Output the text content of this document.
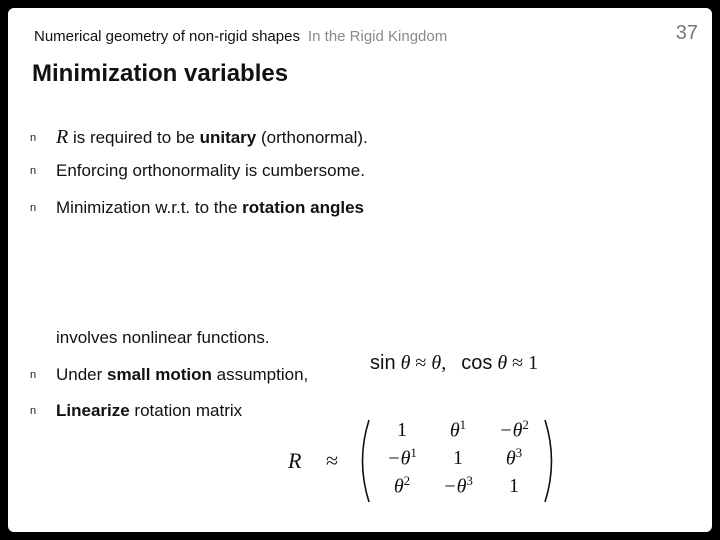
Numerical geometry of non-rigid shapes In the Rigid Kingdom	37
Minimization variables
n R is required to be unitary (orthonormal).
n Enforcing orthonormality is cumbersome.
n Minimization w.r.t. to the rotation angles
involves nonlinear functions.
n Under small motion assumption,
sin θ ≈ θ, cos θ ≈ 1
n Linearize rotation matrix
R ≈
1	$\theta^1$	$-\theta^2$
$-\theta^1$	1	$\theta^3$
$\theta^2$	$-\theta^3$	1
